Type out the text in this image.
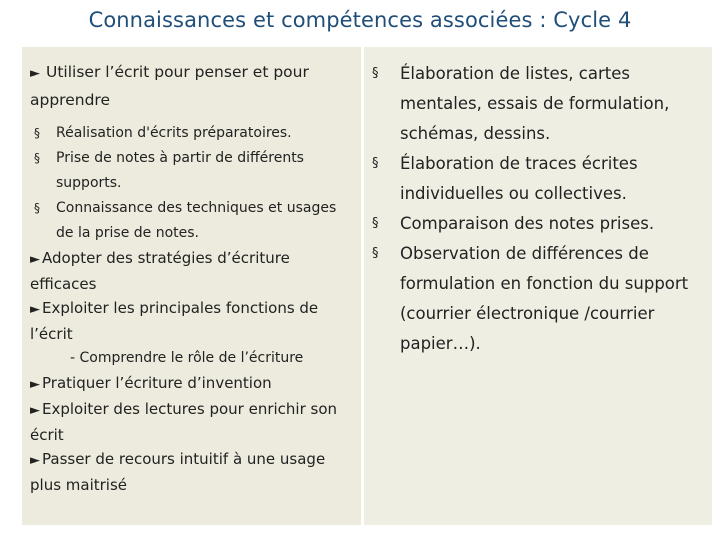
Connaissances et compétences associées : Cycle 4

► Utiliser l’écrit pour penser et pour apprendre

§ Réalisation d'écrits préparatoires.
§ Prise de notes à partir de différents supports.
§ Connaissance des techniques et usages de la prise de notes.

► Adopter des stratégies d’écriture efficaces

► Exploiter les principales fonctions de l’écrit

- Comprendre le rôle de l’écriture

► Pratiquer l’écriture d’invention

► Exploiter des lectures pour enrichir son écrit

► Passer de recours intuitif à une usage plus maitrisé

§ Élaboration de listes, cartes mentales, essais de formulation, schémas, dessins.
§ Élaboration de traces écrites individuelles ou collectives.
§ Comparaison des notes prises.
§ Observation de différences de formulation en fonction du support (courrier électronique /courrier papier…).
